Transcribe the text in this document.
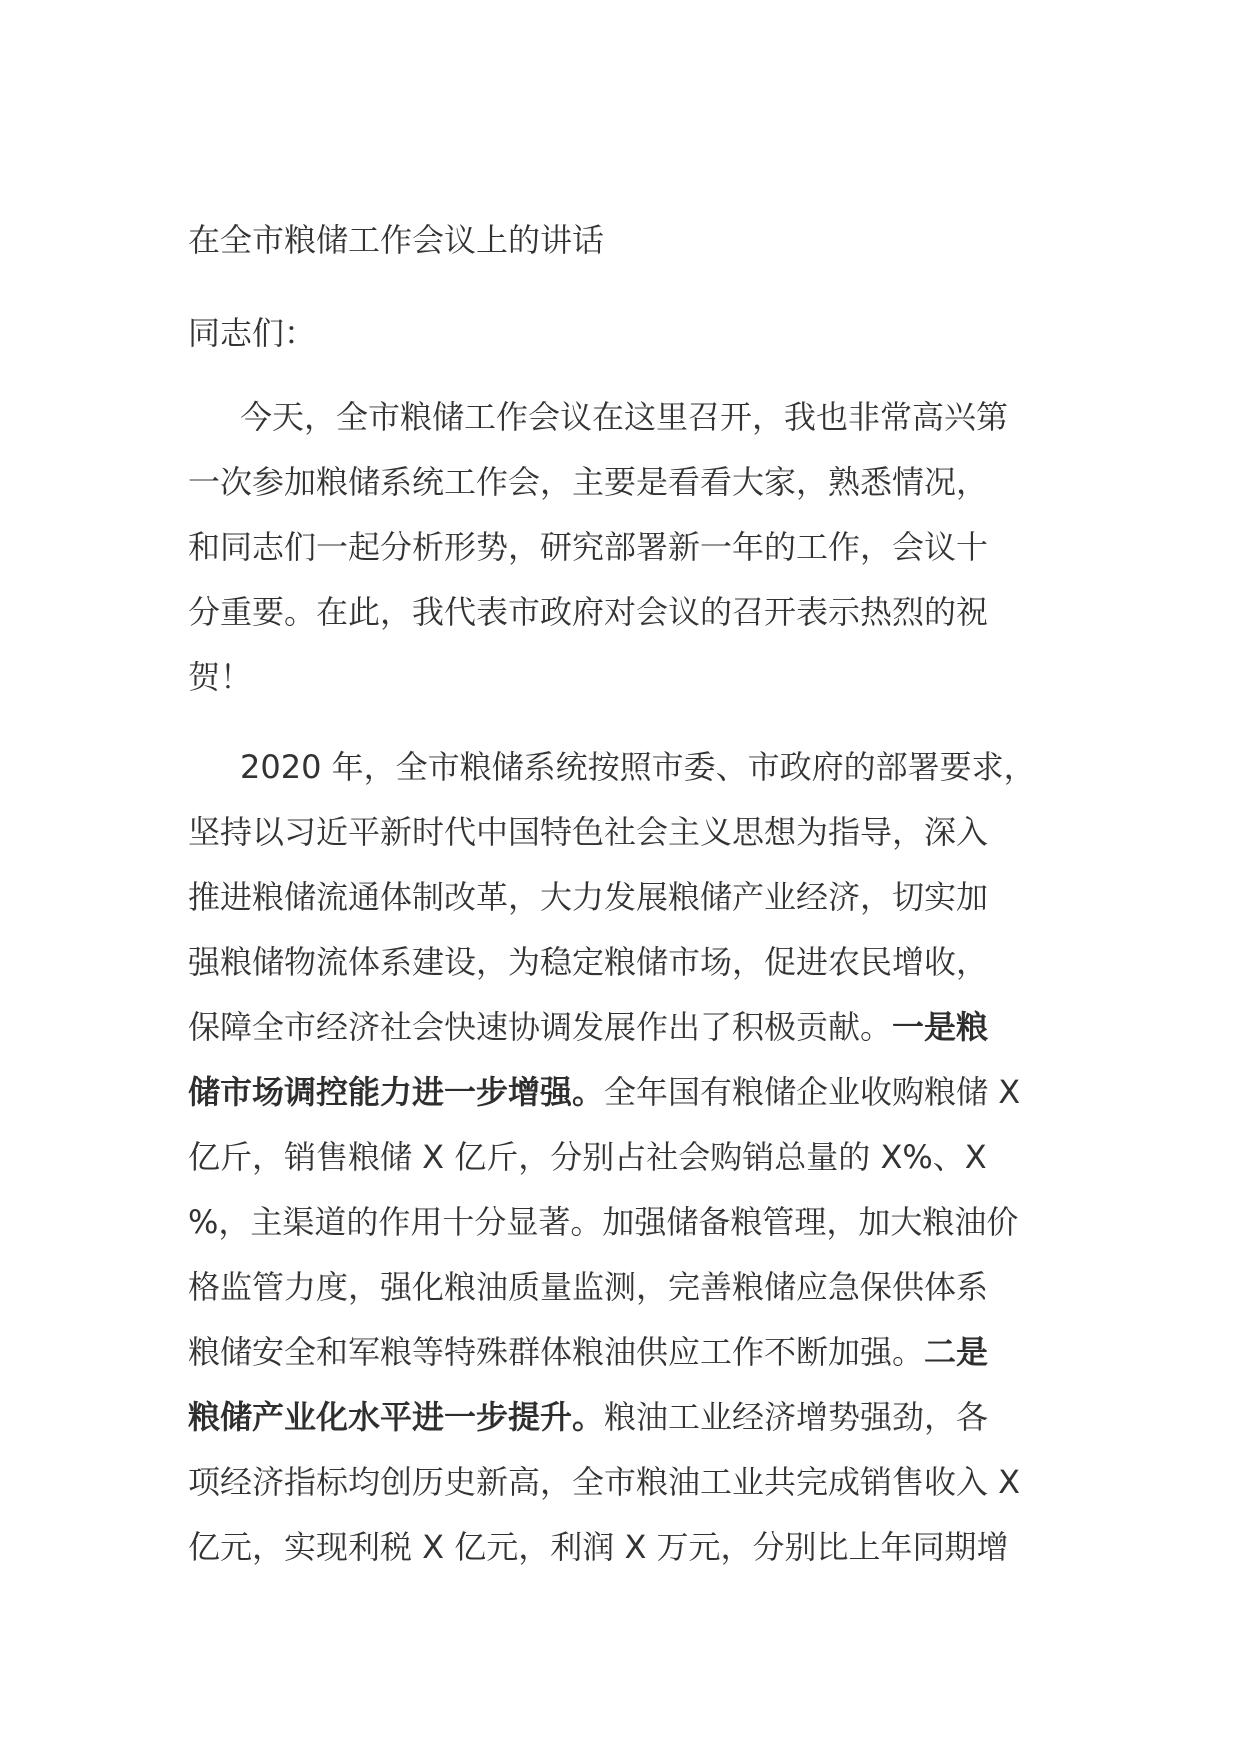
在全市粮储工作会议上的讲话

同志们：

今天，全市粮储工作会议在这里召开，我也非常高兴第
一次参加粮储系统工作会，主要是看看大家，熟悉情况，
和同志们一起分析形势，研究部署新一年的工作，会议十
分重要。在此，我代表市政府对会议的召开表示热烈的祝
贺！
2020 年，全市粮储系统按照市委、市政府的部署要求，
坚持以习近平新时代中国特色社会主义思想为指导，深入
推进粮储流通体制改革，大力发展粮储产业经济，切实加
强粮储物流体系建设，为稳定粮储市场，促进农民增收，
保障全市经济社会快速协调发展作出了积极贡献。一是粮
储市场调控能力进一步增强。全年国有粮储企业收购粮储 X
亿斤，销售粮储 X 亿斤，分别占社会购销总量的 X%、X
%，主渠道的作用十分显著。加强储备粮管理，加大粮油价
格监管力度，强化粮油质量监测，完善粮储应急保供体系
粮储安全和军粮等特殊群体粮油供应工作不断加强。二是
粮储产业化水平进一步提升。粮油工业经济增势强劲，各
项经济指标均创历史新高，全市粮油工业共完成销售收入 X
亿元，实现利税 X 亿元，利润 X 万元，分别比上年同期增
